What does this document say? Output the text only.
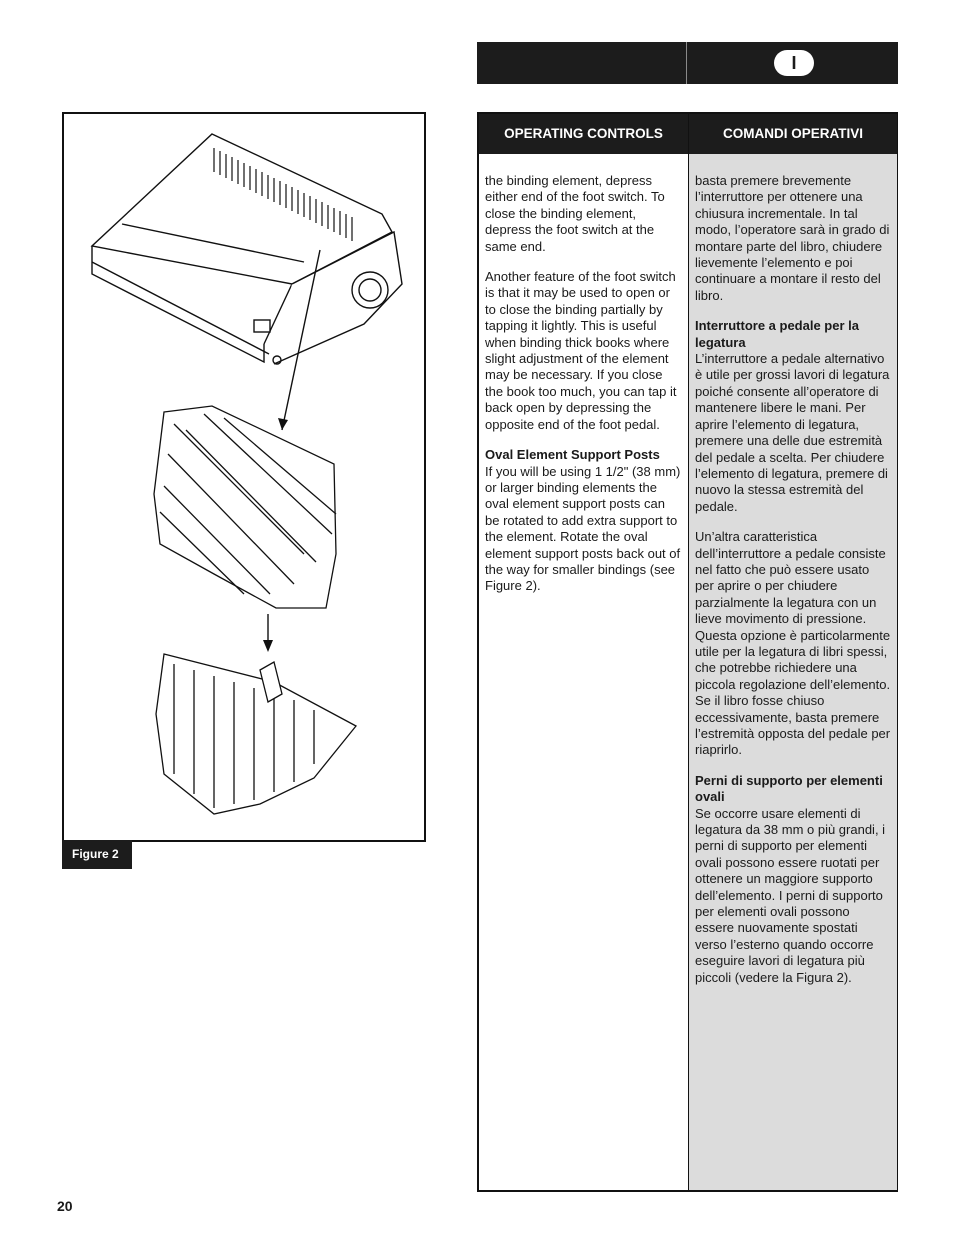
I
Figure 2
OPERATING CONTROLS

the binding element, depress either end of the foot switch. To close the binding element, depress the foot switch at the same end.

Another feature of the foot switch is that it may be used to open or to close the binding partially by tapping it lightly. This is useful when binding thick books where slight adjustment of the element may be necessary. If you close the book too much, you can tap it back open by depressing the opposite end of the foot pedal.

Oval Element Support Posts
If you will be using 1 1/2" (38 mm) or larger binding elements the oval element support posts can be rotated to add extra support to the element. Rotate the oval element support posts back out of the way for smaller bindings (see Figure 2).

COMANDI OPERATIVI

basta premere brevemente l’interruttore per ottenere una chiusura incrementale. In tal modo, l’operatore sarà in grado di montare parte del libro, chiudere lievemente l’elemento e poi continuare a montare il resto del libro.

Interruttore a pedale per la legatura
L’interruttore a pedale alternativo è utile per grossi lavori di legatura poiché consente all’operatore di mantenere libere le mani. Per aprire l’elemento di legatura, premere una delle due estremità del pedale a scelta. Per chiudere l’elemento di legatura, premere di nuovo la stessa estremità del pedale.

Un’altra caratteristica dell’interruttore a pedale consiste nel fatto che può essere usato per aprire o per chiudere parzialmente la legatura con un lieve movimento di pressione. Questa opzione è particolarmente utile per la legatura di libri spessi, che potrebbe richiedere una piccola regolazione dell’elemento. Se il libro fosse chiuso eccessivamente, basta premere l’estremità opposta del pedale per riaprirlo.

Perni di supporto per elementi ovali
Se occorre usare elementi di legatura da 38 mm o più grandi, i perni di supporto per elementi ovali possono essere ruotati per ottenere un maggiore supporto dell’elemento. I perni di supporto per elementi ovali possono essere nuovamente spostati verso l’esterno quando occorre eseguire lavori di legatura più piccoli (vedere la Figura 2).

20
